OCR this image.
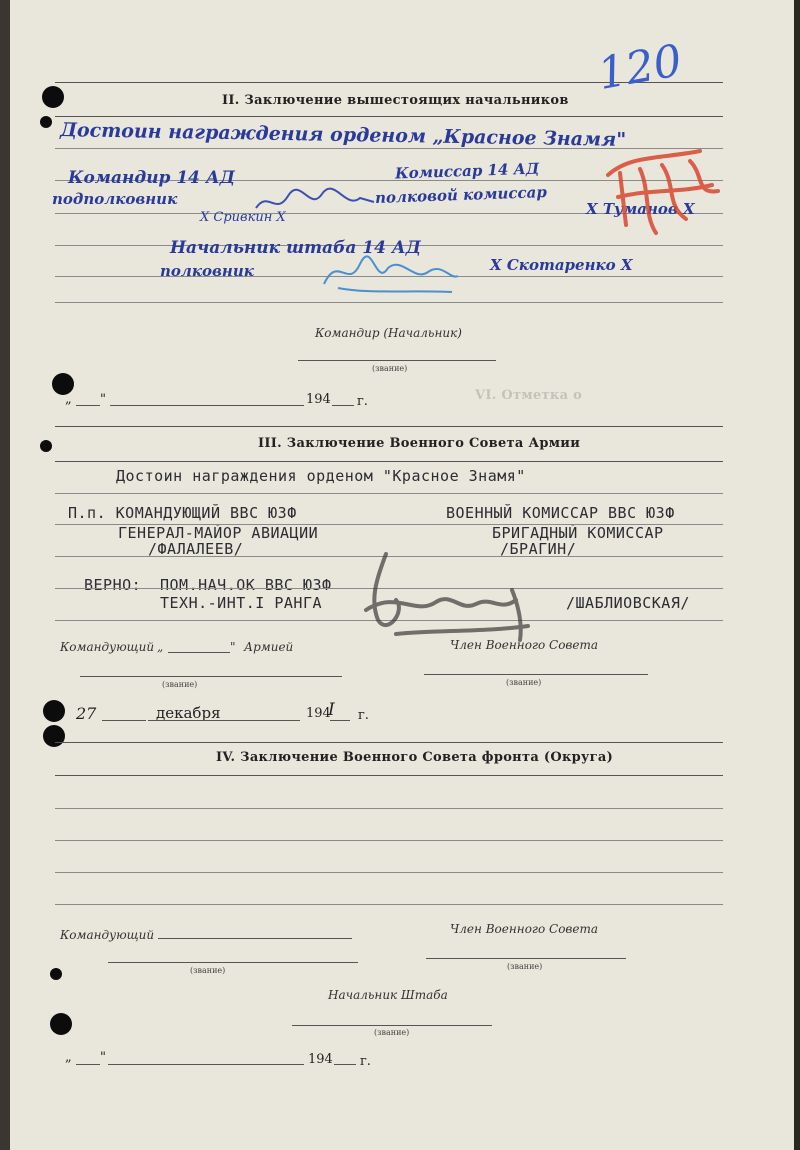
II. Заключение вышестоящих начальников
Достоин награждения орденом „Красное Знамя"
Командир 14 АД
подполковник
Х Сривкин Х
Комиссар 14 АД
полковой комиссар
Х Туманов Х
Начальник штаба 14 АД
полковник	Х Скотаренко Х
120
VI. Отметка о
Командир (Начальник)
(звание)
„ "	194 г.
III. Заключение Военного Совета Армии
Достоин награждения орденом "Красное Знамя"
П.п. КОМАНДУЮЩИЙ ВВС ЮЗФ
ГЕНЕРАЛ-МАЙОР АВИАЦИИ
/ФАЛАЛЕЕВ/
ВОЕННЫЙ КОМИССАР ВВС ЮЗФ
БРИГАДНЫЙ КОМИССАР
/БРАГИН/
ВЕРНО: ПОМ.НАЧ.ОК ВВС ЮЗФ
ТЕХН.-ИНТ.I РАНГА	/ШАБЛИОВСКАЯ/
Командующий „	" Армией	Член Военного Совета
(звание)	(звание)
27	декабря	194
I г.
IV. Заключение Военного Совета фронта (Округа)
Командующий	Член Военного Совета
(звание)	(звание)
Начальник Штаба
(звание)
„ "	194 г.
